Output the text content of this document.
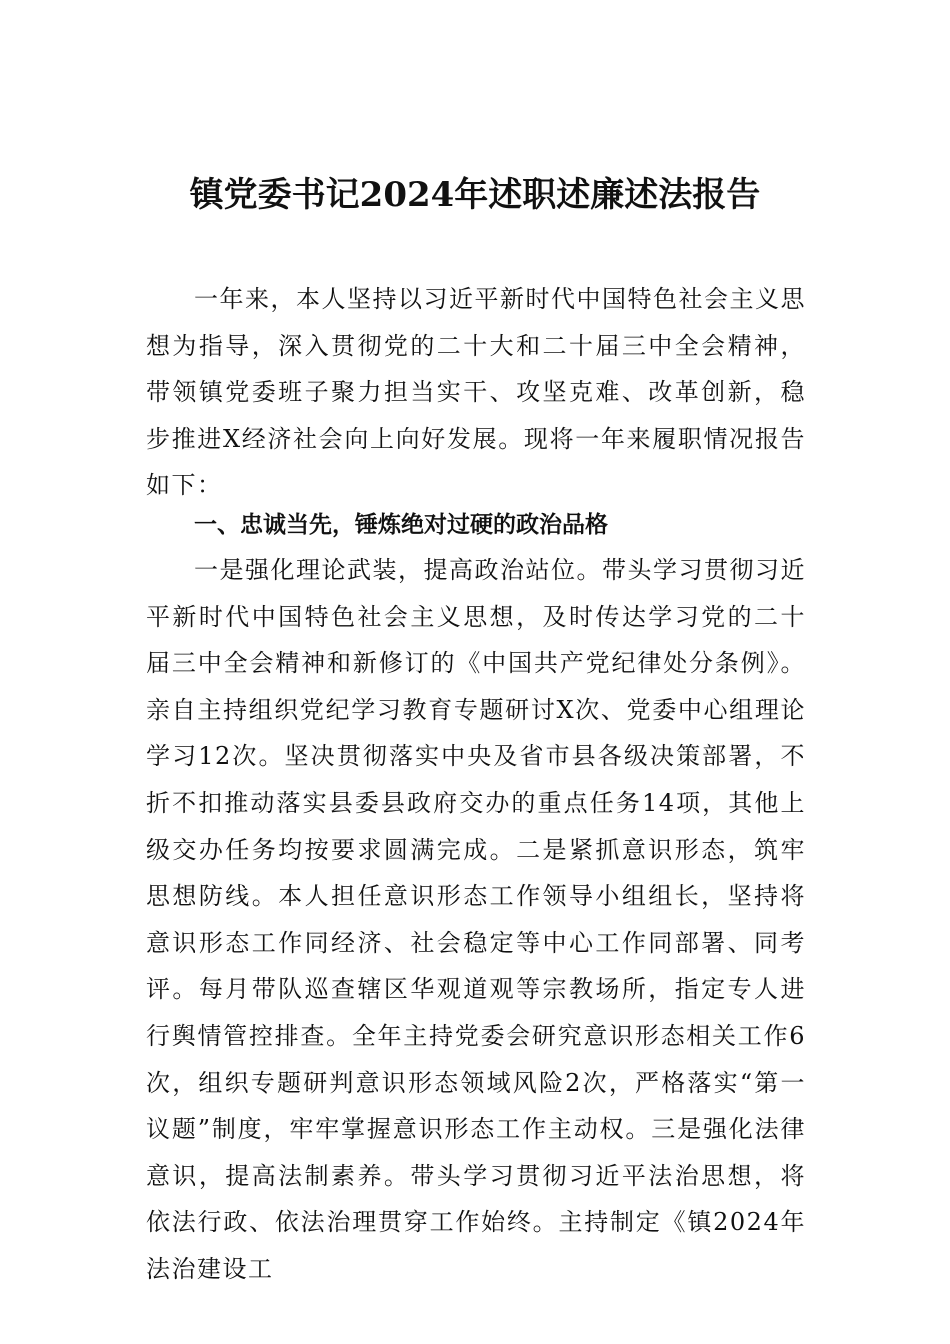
镇党委书记2024年述职述廉述法报告

一年来，本人坚持以习近平新时代中国特色社会主义思想为指导，深入贯彻党的二十大和二十届三中全会精神，带领镇党委班子聚力担当实干、攻坚克难、改革创新，稳步推进X经济社会向上向好发展。现将一年来履职情况报告如下：

一、忠诚当先，锤炼绝对过硬的政治品格

一是强化理论武装，提高政治站位。带头学习贯彻习近平新时代中国特色社会主义思想，及时传达学习党的二十届三中全会精神和新修订的《中国共产党纪律处分条例》。亲自主持组织党纪学习教育专题研讨X次、党委中心组理论学习12次。坚决贯彻落实中央及省市县各级决策部署，不折不扣推动落实县委县政府交办的重点任务14项，其他上级交办任务均按要求圆满完成。二是紧抓意识形态，筑牢思想防线。本人担任意识形态工作领导小组组长，坚持将意识形态工作同经济、社会稳定等中心工作同部署、同考评。每月带队巡查辖区华观道观等宗教场所，指定专人进行舆情管控排查。全年主持党委会研究意识形态相关工作6次，组织专题研判意识形态领域风险2次，严格落实“第一议题”制度，牢牢掌握意识形态工作主动权。三是强化法律意识，提高法制素养。带头学习贯彻习近平法治思想，将依法行政、依法治理贯穿工作始终。主持制定《镇2024年法治建设工
